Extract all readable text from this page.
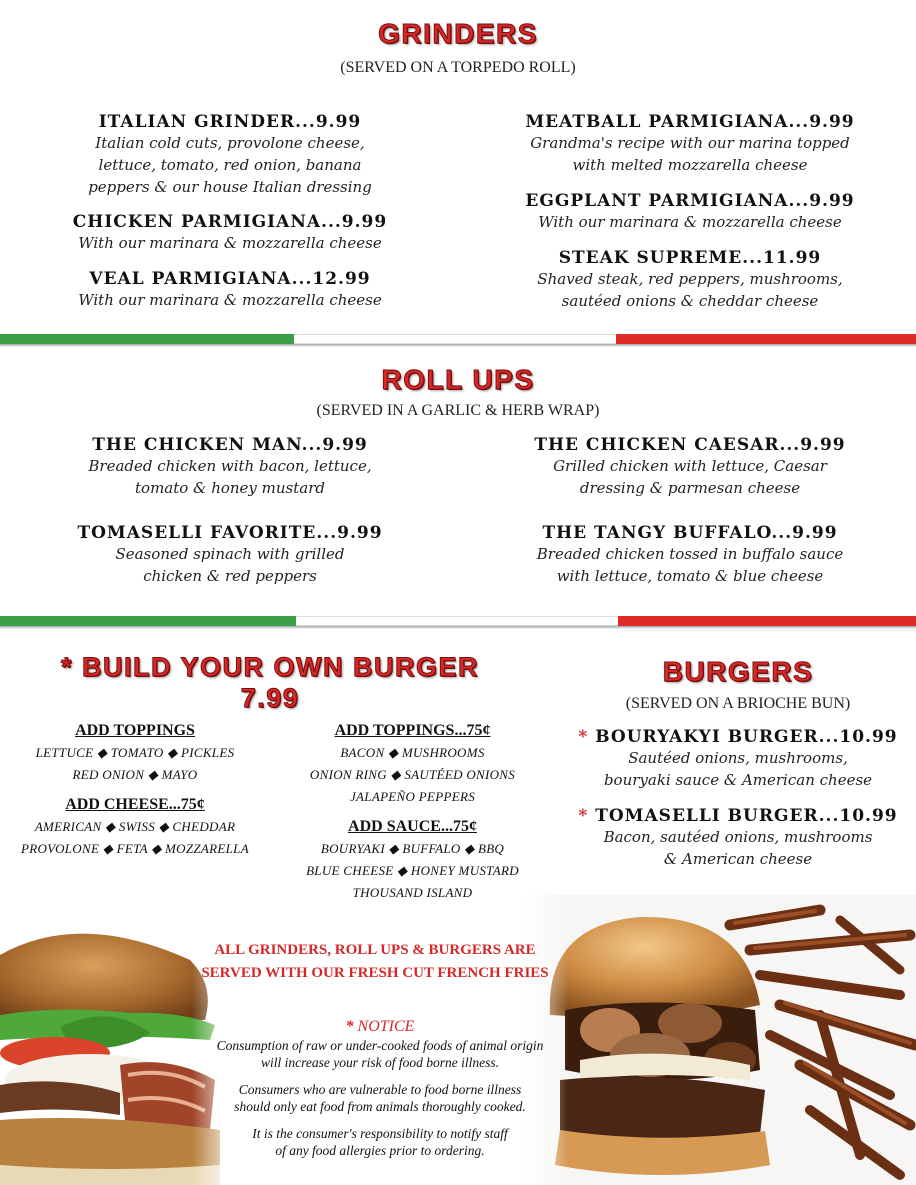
GRINDERS
(SERVED ON A TORPEDO ROLL)
ITALIAN GRINDER...9.99
Italian cold cuts, provolone cheese,
lettuce, tomato, red onion, banana
peppers & our house Italian dressing
CHICKEN PARMIGIANA...9.99
With our marinara & mozzarella cheese
VEAL PARMIGIANA...12.99
With our marinara & mozzarella cheese
MEATBALL PARMIGIANA...9.99
Grandma's recipe with our marina topped
with melted mozzarella cheese
EGGPLANT PARMIGIANA...9.99
With our marinara & mozzarella cheese
STEAK SUPREME...11.99
Shaved steak, red peppers, mushrooms,
sautéed onions & cheddar cheese
ROLL UPS
(SERVED IN A GARLIC & HERB WRAP)
THE CHICKEN MAN...9.99
Breaded chicken with bacon, lettuce,
tomato & honey mustard
TOMASELLI FAVORITE...9.99
Seasoned spinach with grilled
chicken & red peppers
THE CHICKEN CAESAR...9.99
Grilled chicken with lettuce, Caesar
dressing & parmesan cheese
THE TANGY BUFFALO...9.99
Breaded chicken tossed in buffalo sauce
with lettuce, tomato & blue cheese
* BUILD YOUR OWN BURGER
7.99
ADD TOPPINGS
LETTUCE ◆ TOMATO ◆ PICKLES
RED ONION ◆ MAYO
ADD CHEESE...75¢
AMERICAN ◆ SWISS ◆ CHEDDAR
PROVOLONE ◆ FETA ◆ MOZZARELLA
ADD TOPPINGS...75¢
BACON ◆ MUSHROOMS
ONION RING ◆ SAUTÉED ONIONS
JALAPEÑO PEPPERS
ADD SAUCE...75¢
BOURYAKI ◆ BUFFALO ◆ BBQ
BLUE CHEESE ◆ HONEY MUSTARD
THOUSAND ISLAND
BURGERS
(SERVED ON A BRIOCHE BUN)
* BOURYAKYI BURGER...10.99
Sautéed onions, mushrooms,
bouryaki sauce & American cheese
* TOMASELLI BURGER...10.99
Bacon, sautéed onions, mushrooms
& American cheese
ALL GRINDERS, ROLL UPS & BURGERS ARE
SERVED WITH OUR FRESH CUT FRENCH FRIES
* NOTICE
Consumption of raw or under-cooked foods of animal origin
will increase your risk of food borne illness.
Consumers who are vulnerable to food borne illness
should only eat food from animals thoroughly cooked.
It is the consumer's responsibility to notify staff
of any food allergies prior to ordering.
